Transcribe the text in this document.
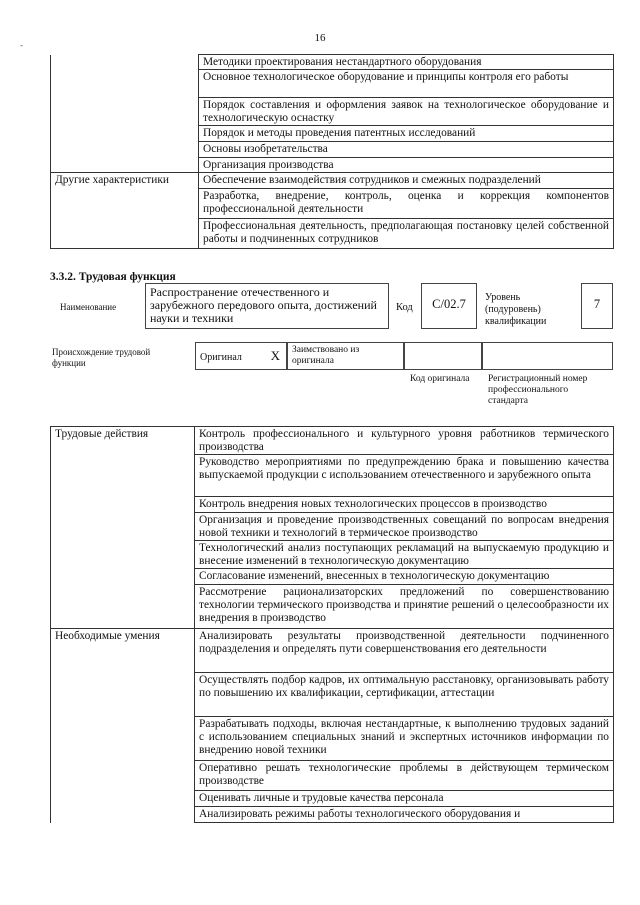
16
-
	Методики проектирования нестандартного оборудования
	Основное технологическое оборудование и принципы контроля его работы
	Порядок составления и оформления заявок на технологическое оборудование и технологическую оснастку
	Порядок и методы проведения патентных исследований
	Основы изобретательства
	Организация производства
Другие характеристики	Обеспечение взаимодействия сотрудников и смежных подразделений
	Разработка, внедрение, контроль, оценка и коррекция компонентов профессиональной деятельности
	Профессиональная деятельность, предполагающая постановку целей собственной работы и подчиненных сотрудников
3.3.2. Трудовая функция
Наименование
Распространение отечественного и зарубежного передового опыта, достижений науки и техники
Код	C/02.7	Уровень (подуровень) квалификации
7
Происхождение трудовой функции	Оригинал X	Заимствовано из оригинала
Код оригинала Регистрационный номер профессионального стандарта
Трудовые действия	Контроль профессионального и культурного уровня работников термического производства
	Руководство мероприятиями по предупреждению брака и повышению качества выпускаемой продукции с использованием отечественного и зарубежного опыта
	Контроль внедрения новых технологических процессов в производство
	Организация и проведение производственных совещаний по вопросам внедрения новой техники и технологий в термическое производство
	Технологический анализ поступающих рекламаций на выпускаемую продукцию и внесение изменений в технологическую документацию
	Согласование изменений, внесенных в технологическую документацию
	Рассмотрение рационализаторских предложений по совершенствованию технологии термического производства и принятие решений о целесообразности их внедрения в производство
Необходимые умения	Анализировать результаты производственной деятельности подчиненного подразделения и определять пути совершенствования его деятельности
	Осуществлять подбор кадров, их оптимальную расстановку, организовывать работу по повышению их квалификации, сертификации, аттестации
	Разрабатывать подходы, включая нестандартные, к выполнению трудовых заданий с использованием специальных знаний и экспертных источников информации по внедрению новой техники
	Оперативно решать технологические проблемы в действующем термическом производстве
	Оценивать личные и трудовые качества персонала
	Анализировать режимы работы технологического оборудования и
